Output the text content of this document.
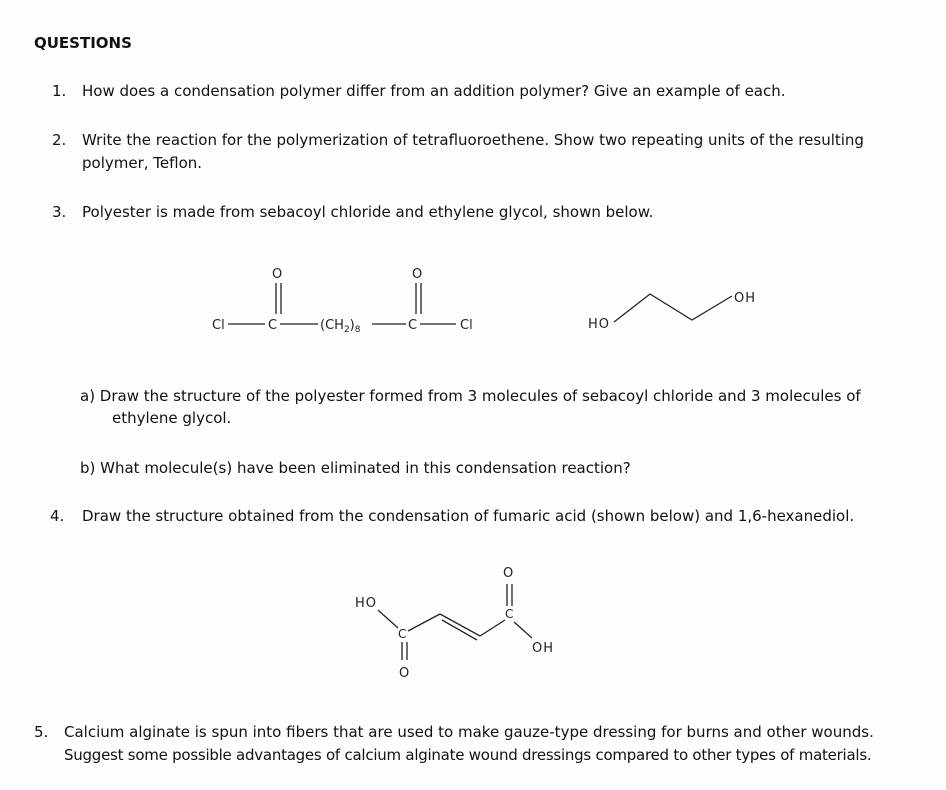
QUESTIONS
1. How does a condensation polymer differ from an addition polymer? Give an example of each.
2. Write the reaction for the polymerization of tetrafluoroethene. Show two repeating units of the resulting
polymer, Teflon.
3. Polyester is made from sebacoyl chloride and ethylene glycol, shown below.
Cl	C
O
$(CH_2)_8$	C
O
Cl	HO
OH
a) Draw the structure of the polyester formed from 3 molecules of sebacoyl chloride and 3 molecules of
ethylene glycol.
b) What molecule(s) have been eliminated in this condensation reaction?
4. Draw the structure obtained from the condensation of fumaric acid (shown below) and 1,6-hexanediol.
HO
C
O
C
O
OH
5. Calcium alginate is spun into fibers that are used to make gauze-type dressing for burns and other wounds.
Suggest some possible advantages of calcium alginate wound dressings compared to other types of materials.
